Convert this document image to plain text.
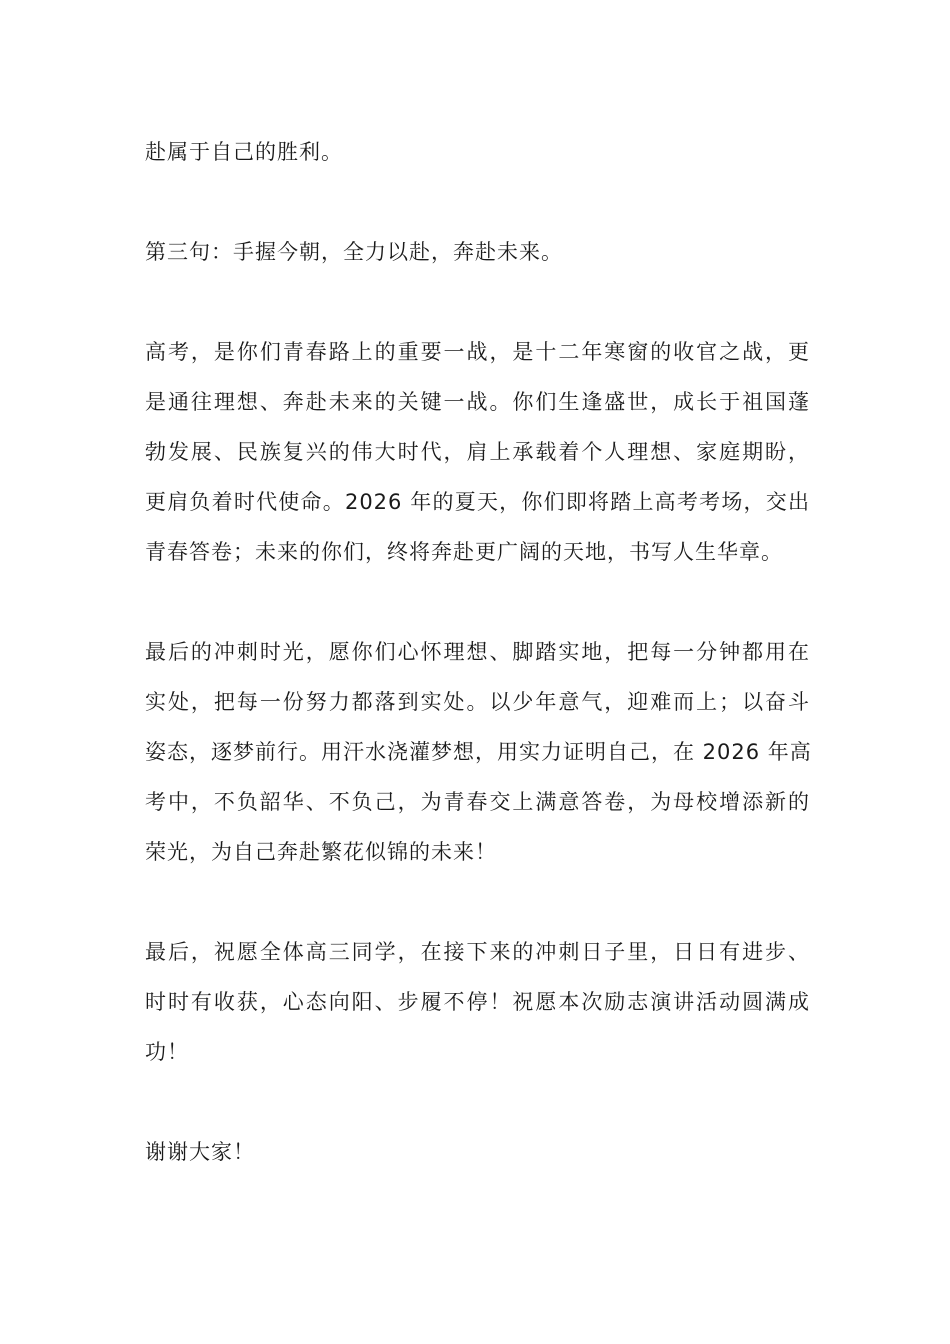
赴属于自己的胜利。
第三句：手握今朝，全力以赴，奔赴未来。
高考，是你们青春路上的重要一战，是十二年寒窗的收官之战，更
是通往理想、奔赴未来的关键一战。你们生逢盛世，成长于祖国蓬
勃发展、民族复兴的伟大时代，肩上承载着个人理想、家庭期盼，
更肩负着时代使命。2026 年的夏天，你们即将踏上高考考场，交出
青春答卷；未来的你们，终将奔赴更广阔的天地，书写人生华章。
最后的冲刺时光，愿你们心怀理想、脚踏实地，把每一分钟都用在
实处，把每一份努力都落到实处。以少年意气，迎难而上；以奋斗
姿态，逐梦前行。用汗水浇灌梦想，用实力证明自己，在 2026 年高
考中，不负韶华、不负己，为青春交上满意答卷，为母校增添新的
荣光，为自己奔赴繁花似锦的未来！
最后，祝愿全体高三同学，在接下来的冲刺日子里，日日有进步、
时时有收获，心态向阳、步履不停！祝愿本次励志演讲活动圆满成
功！
谢谢大家！
